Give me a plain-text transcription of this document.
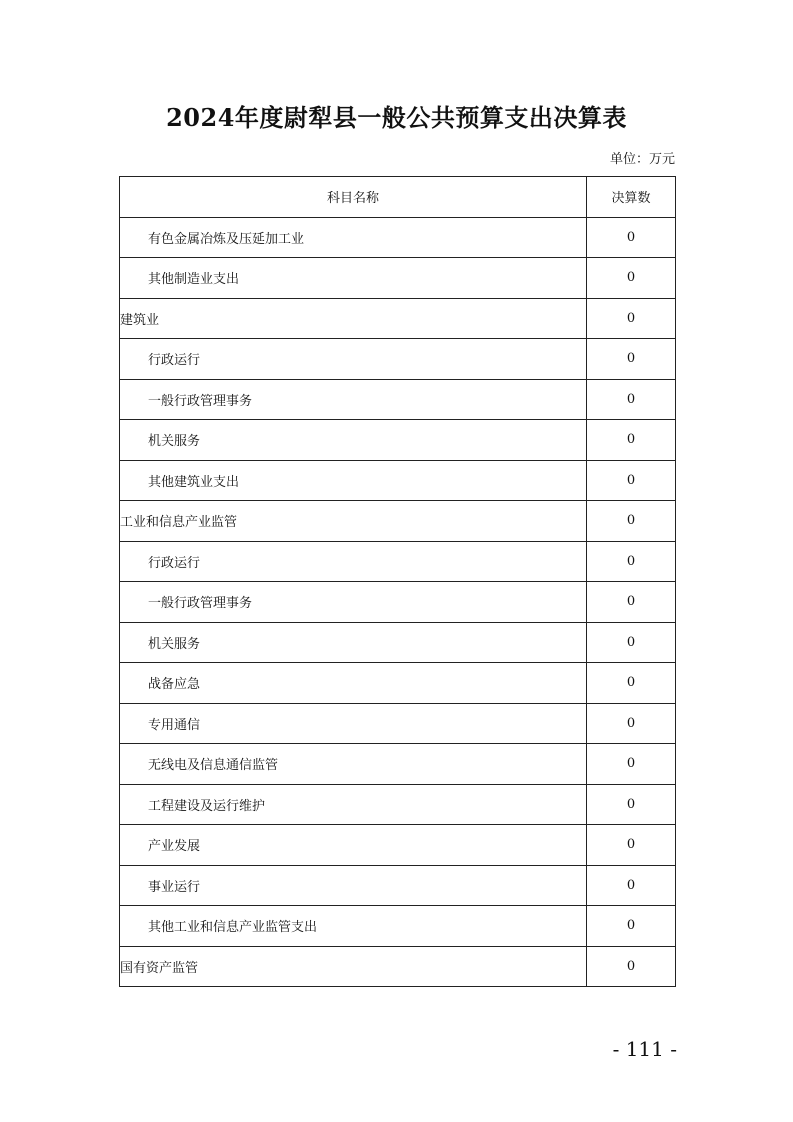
2024年度尉犁县一般公共预算支出决算表
单位：万元
科目名称	决算数
有色金属冶炼及压延加工业	0
其他制造业支出	0
建筑业	0
行政运行	0
一般行政管理事务	0
机关服务	0
其他建筑业支出	0
工业和信息产业监管	0
行政运行	0
一般行政管理事务	0
机关服务	0
战备应急	0
专用通信	0
无线电及信息通信监管	0
工程建设及运行维护	0
产业发展	0
事业运行	0
其他工业和信息产业监管支出	0
国有资产监管	0
- 111 -
